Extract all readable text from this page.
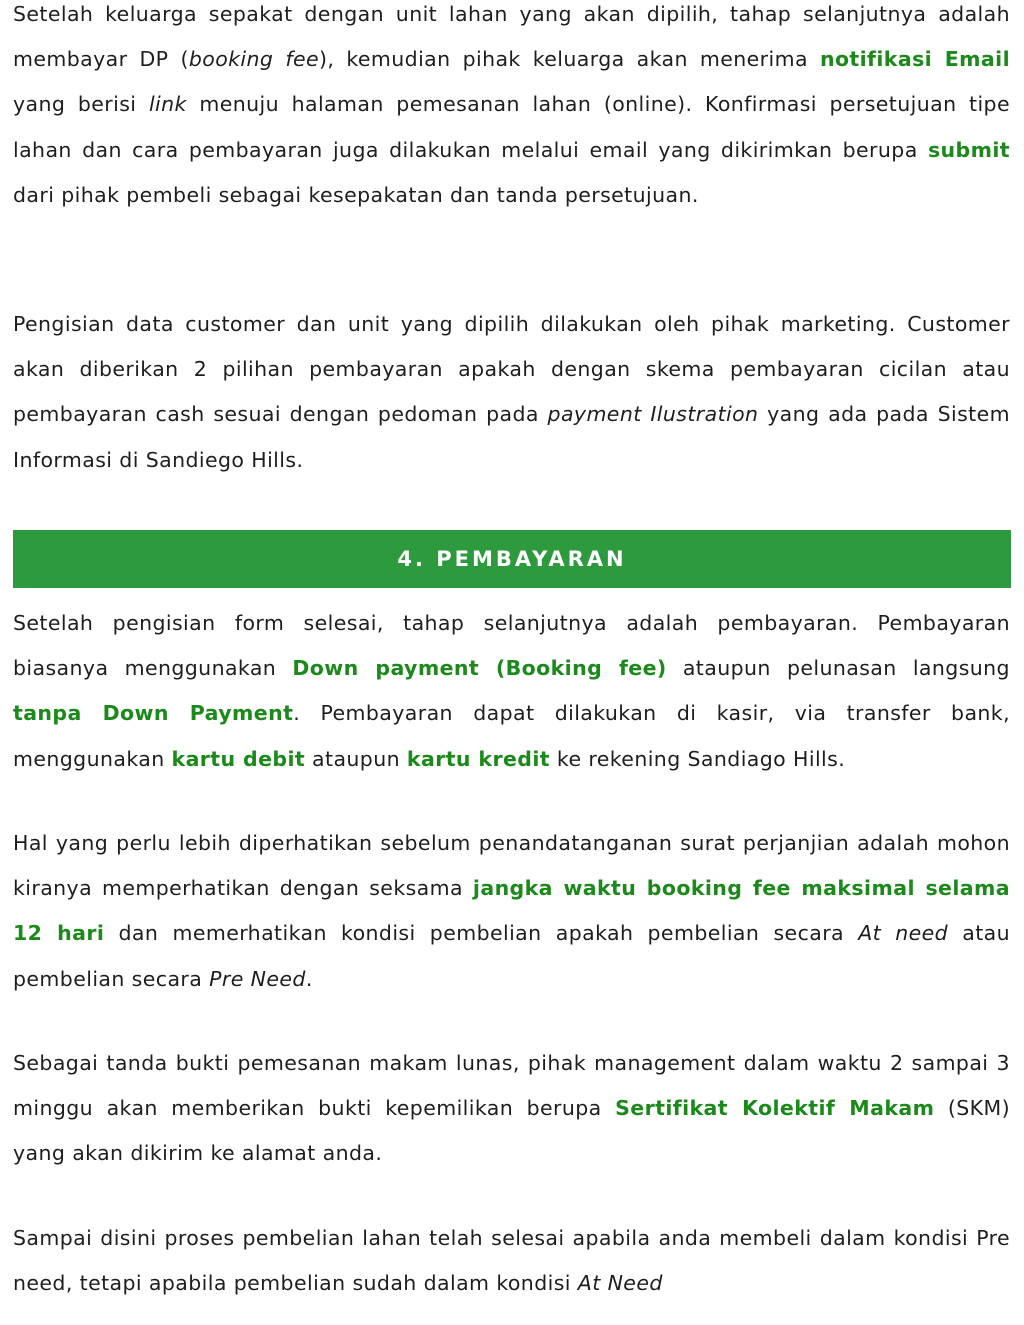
Setelah keluarga sepakat dengan unit lahan yang akan dipilih, tahap selanjutnya adalah membayar DP (booking fee), kemudian pihak keluarga akan menerima notifikasi Email yang berisi link menuju halaman pemesanan lahan (online). Konfirmasi persetujuan tipe lahan dan cara pembayaran juga dilakukan melalui email yang dikirimkan berupa submit dari pihak pembeli sebagai kesepakatan dan tanda persetujuan.

Pengisian data customer dan unit yang dipilih dilakukan oleh pihak marketing. Customer akan diberikan 2 pilihan pembayaran apakah dengan skema pembayaran cicilan atau pembayaran cash sesuai dengan pedoman pada payment Ilustration yang ada pada Sistem Informasi di Sandiego Hills.

4. PEMBAYARAN

Setelah pengisian form selesai, tahap selanjutnya adalah pembayaran. Pembayaran biasanya menggunakan Down payment (Booking fee) ataupun pelunasan langsung tanpa Down Payment. Pembayaran dapat dilakukan di kasir, via transfer bank, menggunakan kartu debit ataupun kartu kredit ke rekening Sandiago Hills.

Hal yang perlu lebih diperhatikan sebelum penandatanganan surat perjanjian adalah mohon kiranya memperhatikan dengan seksama jangka waktu booking fee maksimal selama 12 hari dan memerhatikan kondisi pembelian apakah pembelian secara At need atau pembelian secara Pre Need.

Sebagai tanda bukti pemesanan makam lunas, pihak management dalam waktu 2 sampai 3 minggu akan memberikan bukti kepemilikan berupa Sertifikat Kolektif Makam (SKM) yang akan dikirim ke alamat anda.

Sampai disini proses pembelian lahan telah selesai apabila anda membeli dalam kondisi Pre need, tetapi apabila pembelian sudah dalam kondisi At Need
